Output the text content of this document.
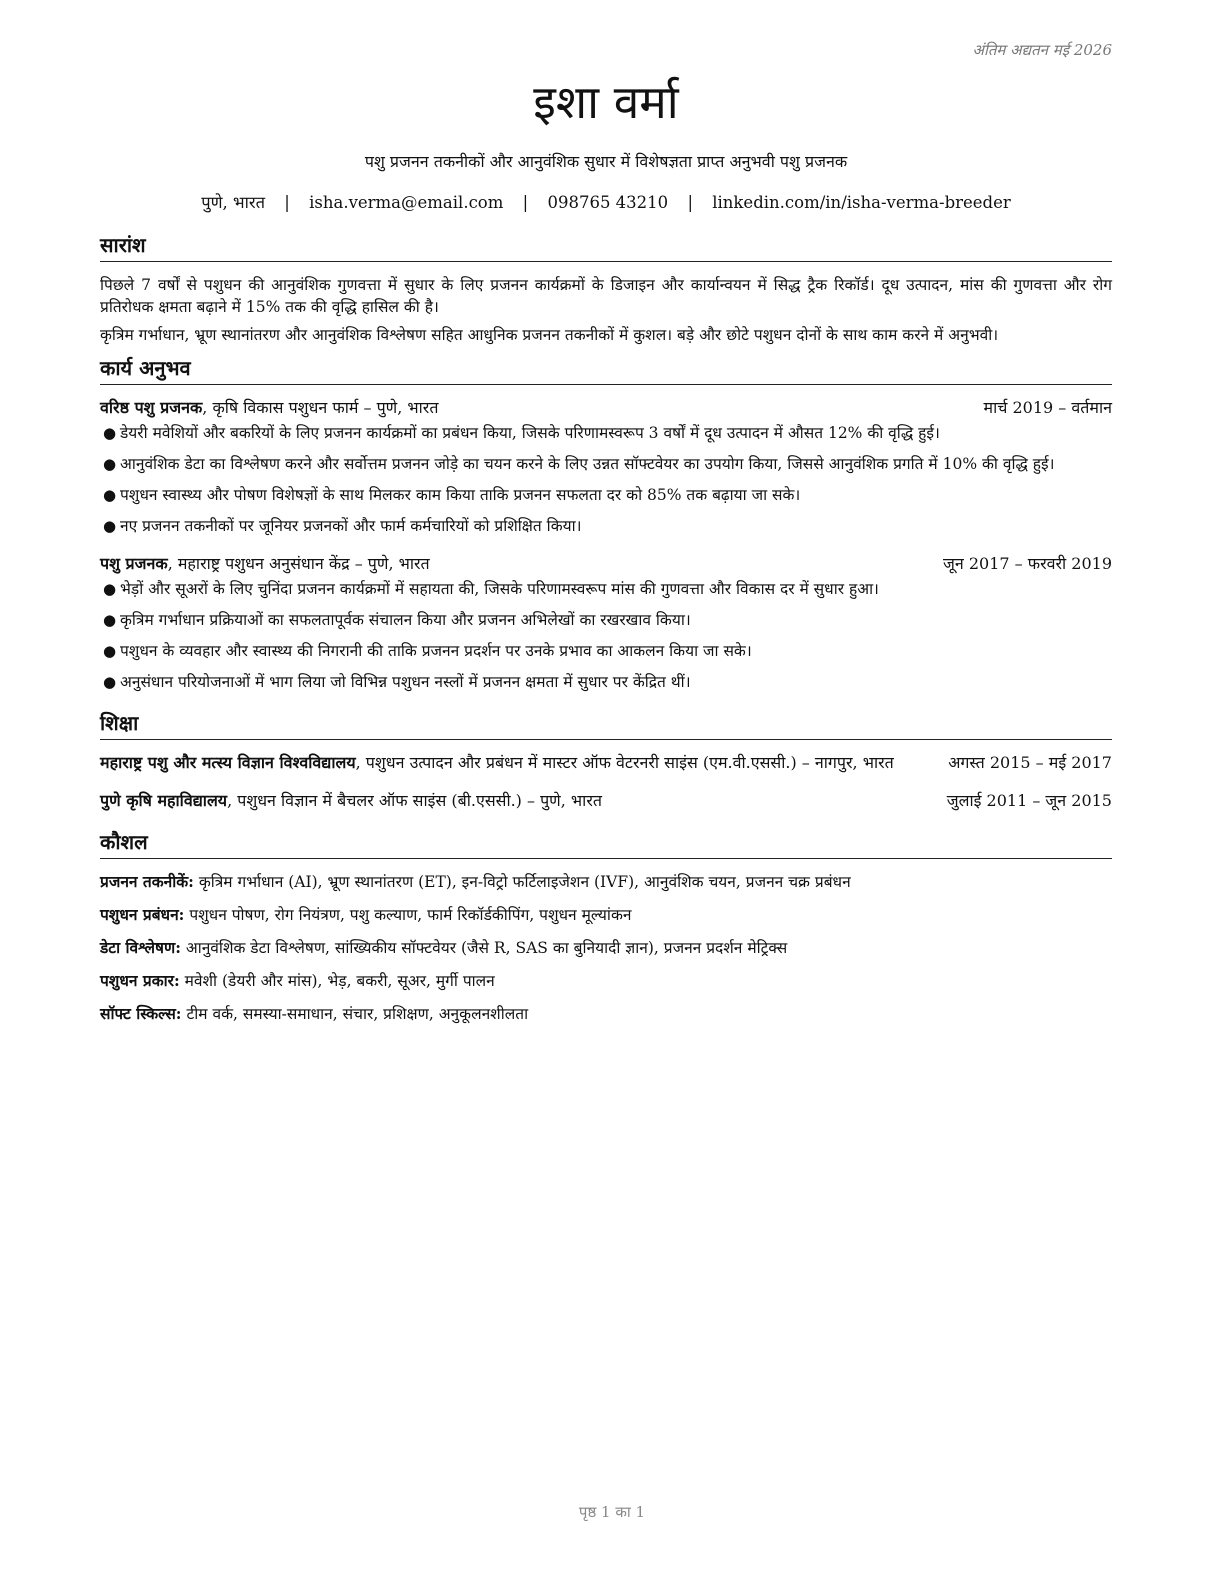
अंतिम अद्यतन मई 2026
इशा वर्मा
पशु प्रजनन तकनीकों और आनुवंशिक सुधार में विशेषज्ञता प्राप्त अनुभवी पशु प्रजनक
पुणे, भारत | isha.verma@email.com | 098765 43210 | linkedin.com/in/isha-verma-breeder
सारांश

पिछले 7 वर्षों से पशुधन की आनुवंशिक गुणवत्ता में सुधार के लिए प्रजनन कार्यक्रमों के डिजाइन और कार्यान्वयन में सिद्ध ट्रैक रिकॉर्ड। दूध उत्पादन, मांस की गुणवत्ता और रोग प्रतिरोधक क्षमता बढ़ाने में 15% तक की वृद्धि हासिल की है।

कृत्रिम गर्भाधान, भ्रूण स्थानांतरण और आनुवंशिक विश्लेषण सहित आधुनिक प्रजनन तकनीकों में कुशल। बड़े और छोटे पशुधन दोनों के साथ काम करने में अनुभवी।

कार्य अनुभव
वरिष्ठ पशु प्रजनक, कृषि विकास पशुधन फार्म – पुणे, भारत	मार्च 2019 – वर्तमान
● डेयरी मवेशियों और बकरियों के लिए प्रजनन कार्यक्रमों का प्रबंधन किया, जिसके परिणामस्वरूप 3 वर्षों में दूध उत्पादन में औसत 12% की वृद्धि हुई।
● आनुवंशिक डेटा का विश्लेषण करने और सर्वोत्तम प्रजनन जोड़े का चयन करने के लिए उन्नत सॉफ्टवेयर का उपयोग किया, जिससे आनुवंशिक प्रगति में 10% की वृद्धि हुई।
● पशुधन स्वास्थ्य और पोषण विशेषज्ञों के साथ मिलकर काम किया ताकि प्रजनन सफलता दर को 85% तक बढ़ाया जा सके।
● नए प्रजनन तकनीकों पर जूनियर प्रजनकों और फार्म कर्मचारियों को प्रशिक्षित किया।
पशु प्रजनक, महाराष्ट्र पशुधन अनुसंधान केंद्र – पुणे, भारत	जून 2017 – फरवरी 2019
● भेड़ों और सूअरों के लिए चुनिंदा प्रजनन कार्यक्रमों में सहायता की, जिसके परिणामस्वरूप मांस की गुणवत्ता और विकास दर में सुधार हुआ।
● कृत्रिम गर्भाधान प्रक्रियाओं का सफलतापूर्वक संचालन किया और प्रजनन अभिलेखों का रखरखाव किया।
● पशुधन के व्यवहार और स्वास्थ्य की निगरानी की ताकि प्रजनन प्रदर्शन पर उनके प्रभाव का आकलन किया जा सके।
● अनुसंधान परियोजनाओं में भाग लिया जो विभिन्न पशुधन नस्लों में प्रजनन क्षमता में सुधार पर केंद्रित थीं।
शिक्षा
महाराष्ट्र पशु और मत्स्य विज्ञान विश्वविद्यालय, पशुधन उत्पादन और प्रबंधन में मास्टर ऑफ वेटरनरी साइंस (एम.वी.एससी.) – नागपुर, भारत	अगस्त 2015 – मई 2017
पुणे कृषि महाविद्यालय, पशुधन विज्ञान में बैचलर ऑफ साइंस (बी.एससी.) – पुणे, भारत	जुलाई 2011 – जून 2015
कौशल
प्रजनन तकनीकें: कृत्रिम गर्भाधान (AI), भ्रूण स्थानांतरण (ET), इन-विट्रो फर्टिलाइजेशन (IVF), आनुवंशिक चयन, प्रजनन चक्र प्रबंधन
पशुधन प्रबंधन: पशुधन पोषण, रोग नियंत्रण, पशु कल्याण, फार्म रिकॉर्डकीपिंग, पशुधन मूल्यांकन
डेटा विश्लेषण: आनुवंशिक डेटा विश्लेषण, सांख्यिकीय सॉफ्टवेयर (जैसे R, SAS का बुनियादी ज्ञान), प्रजनन प्रदर्शन मेट्रिक्स
पशुधन प्रकार: मवेशी (डेयरी और मांस), भेड़, बकरी, सूअर, मुर्गी पालन
सॉफ्ट स्किल्स: टीम वर्क, समस्या-समाधान, संचार, प्रशिक्षण, अनुकूलनशीलता
पृष्ठ 1 का 1
